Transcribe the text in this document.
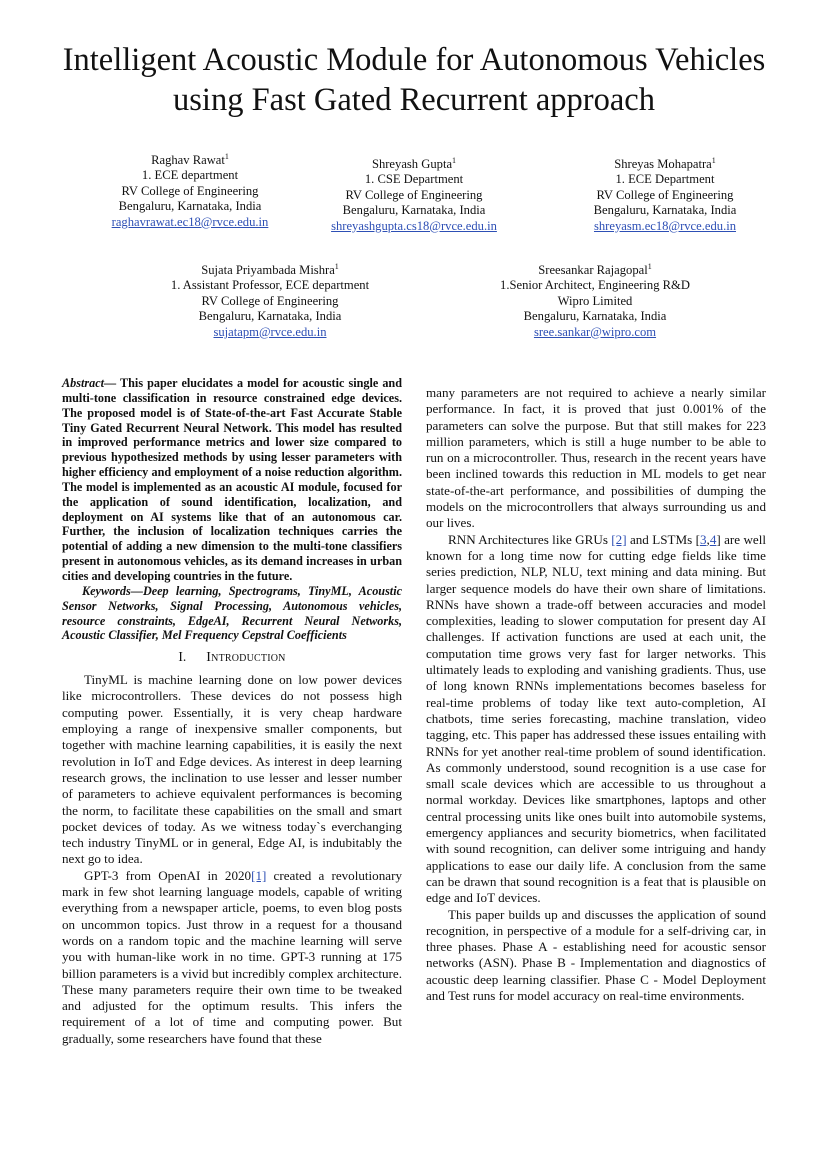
Intelligent Acoustic Module for Autonomous Vehicles using Fast Gated Recurrent approach
Raghav Rawat$^1$
1. ECE department
RV College of Engineering
Bengaluru, Karnataka, India
raghavrawat.ec18@rvce.edu.in
Shreyash Gupta$^1$
1. CSE Department
RV College of Engineering
Bengaluru, Karnataka, India
shreyashgupta.cs18@rvce.edu.in
Shreyas Mohapatra$^1$
1. ECE Department
RV College of Engineering
Bengaluru, Karnataka, India
shreyasm.ec18@rvce.edu.in
Sujata Priyambada Mishra$^1$
1. Assistant Professor, ECE department
RV College of Engineering
Bengaluru, Karnataka, India
sujatapm@rvce.edu.in
Sreesankar Rajagopal$^1$
1.Senior Architect, Engineering R&D
Wipro Limited
Bengaluru, Karnataka, India
sree.sankar@wipro.com

Abstract— This paper elucidates a model for acoustic single and multi-tone classification in resource constrained edge devices. The proposed model is of State-of-the-art Fast Accurate Stable Tiny Gated Recurrent Neural Network. This model has resulted in improved performance metrics and lower size compared to previous hypothesized methods by using lesser parameters with higher efficiency and employment of a noise reduction algorithm. The model is implemented as an acoustic AI module, focused for the application of sound identification, localization, and deployment on AI systems like that of an autonomous car. Further, the inclusion of localization techniques carries the potential of adding a new dimension to the multi-tone classifiers present in autonomous vehicles, as its demand increases in urban cities and developing countries in the future.

Keywords—Deep learning, Spectrograms, TinyML, Acoustic Sensor Networks, Signal Processing, Autonomous vehicles, resource constraints, EdgeAI, Recurrent Neural Networks, Acoustic Classifier, Mel Frequency Cepstral Coefficients

I. Introduction

TinyML is machine learning done on low power devices like microcontrollers. These devices do not possess high computing power. Essentially, it is very cheap hardware employing a range of inexpensive smaller components, but together with machine learning capabilities, it is easily the next revolution in IoT and Edge devices. As interest in deep learning research grows, the inclination to use lesser and lesser number of parameters to achieve equivalent performances is becoming the norm, to facilitate these capabilities on the small and smart pocket devices of today. As we witness today`s everchanging tech industry TinyML or in general, Edge AI, is indubitably the next go to idea.

GPT-3 from OpenAI in 2020[1] created a revolutionary mark in few shot learning language models, capable of writing everything from a newspaper article, poems, to even blog posts on uncommon topics. Just throw in a request for a thousand words on a random topic and the machine learning will serve you with human-like work in no time. GPT-3 running at 175 billion parameters is a vivid but incredibly complex architecture. These many parameters require their own time to be tweaked and adjusted for the optimum results. This infers the requirement of a lot of time and computing power. But gradually, some researchers have found that these

many parameters are not required to achieve a nearly similar performance. In fact, it is proved that just 0.001% of the parameters can solve the purpose. But that still makes for 223 million parameters, which is still a huge number to be able to run on a microcontroller. Thus, research in the recent years have been inclined towards this reduction in ML models to get near state-of-the-art performance, and possibilities of dumping the models on the microcontrollers that always surrounding us and our lives.

RNN Architectures like GRUs [2] and LSTMs [3,4] are well known for a long time now for cutting edge fields like time series prediction, NLP, NLU, text mining and data mining. But larger sequence models do have their own share of limitations. RNNs have shown a trade-off between accuracies and model complexities, leading to slower computation for present day AI challenges. If activation functions are used at each unit, the computation time grows very fast for larger networks. This ultimately leads to exploding and vanishing gradients. Thus, use of long known RNNs implementations becomes baseless for real-time problems of today like text auto-completion, AI chatbots, time series forecasting, machine translation, video tagging, etc. This paper has addressed these issues entailing with RNNs for yet another real-time problem of sound identification. As commonly understood, sound recognition is a use case for small scale devices which are accessible to us throughout a normal workday. Devices like smartphones, laptops and other central processing units like ones built into automobile systems, emergency appliances and security biometrics, when facilitated with sound recognition, can deliver some intriguing and handy applications to ease our daily life. A conclusion from the same can be drawn that sound recognition is a feat that is plausible on edge and IoT devices.

This paper builds up and discusses the application of sound recognition, in perspective of a module for a self-driving car, in three phases. Phase A - establishing need for acoustic sensor networks (ASN). Phase B - Implementation and diagnostics of acoustic deep learning classifier. Phase C - Model Deployment and Test runs for model accuracy on real-time environments.
